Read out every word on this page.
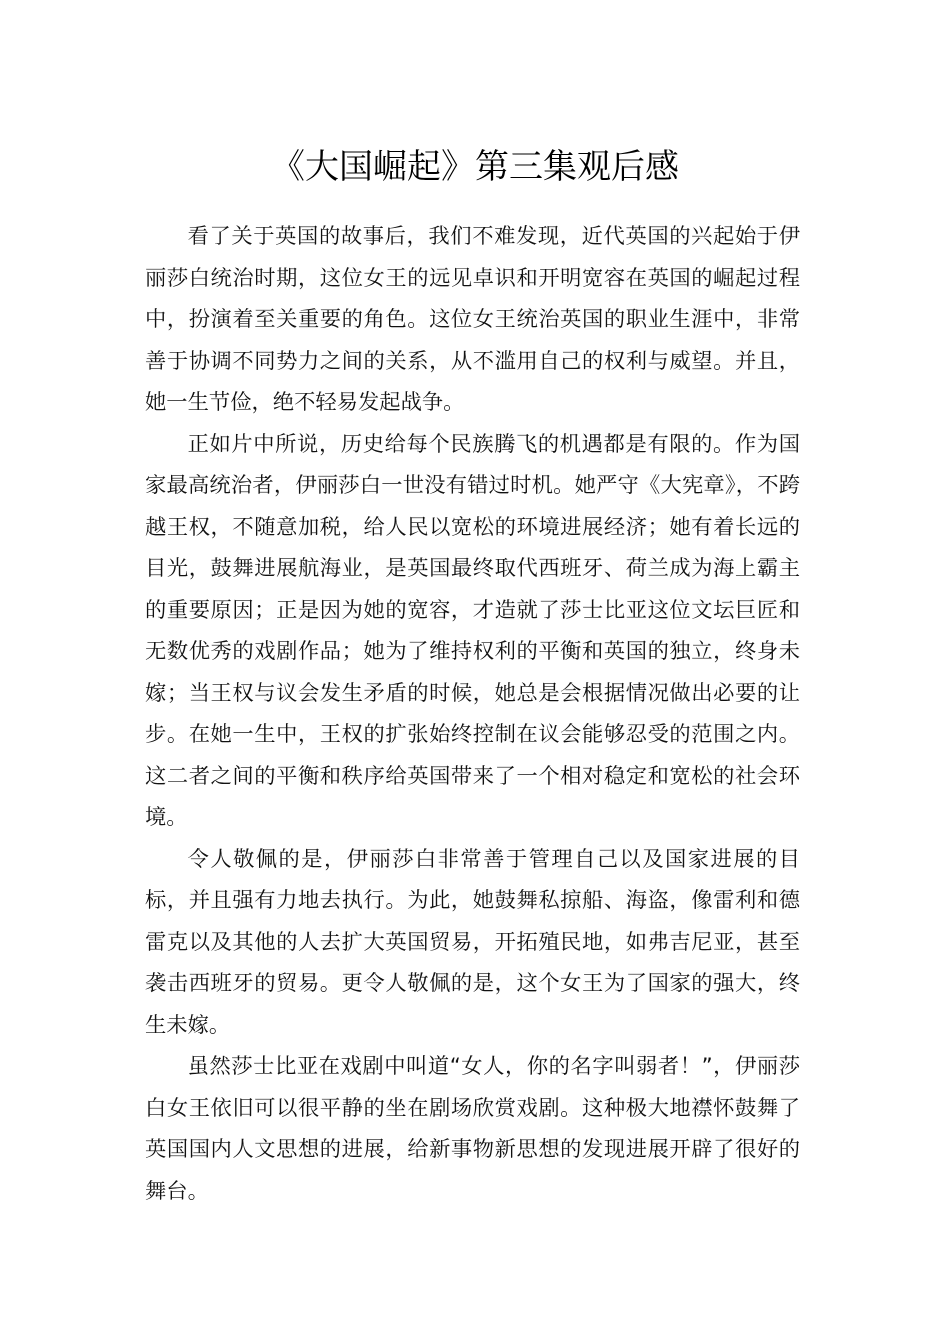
《大国崛起》第三集观后感

看了关于英国的故事后，我们不难发现，近代英国的兴起始于伊丽莎白统治时期，这位女王的远见卓识和开明宽容在英国的崛起过程中，扮演着至关重要的角色。这位女王统治英国的职业生涯中，非常善于协调不同势力之间的关系，从不滥用自己的权利与威望。并且，她一生节俭，绝不轻易发起战争。

正如片中所说，历史给每个民族腾飞的机遇都是有限的。作为国家最高统治者，伊丽莎白一世没有错过时机。她严守《大宪章》，不跨越王权，不随意加税，给人民以宽松的环境进展经济；她有着长远的目光，鼓舞进展航海业，是英国最终取代西班牙、荷兰成为海上霸主的重要原因；正是因为她的宽容，才造就了莎士比亚这位文坛巨匠和无数优秀的戏剧作品；她为了维持权利的平衡和英国的独立，终身未嫁；当王权与议会发生矛盾的时候，她总是会根据情况做出必要的让步。在她一生中，王权的扩张始终控制在议会能够忍受的范围之内。这二者之间的平衡和秩序给英国带来了一个相对稳定和宽松的社会环境。

令人敬佩的是，伊丽莎白非常善于管理自己以及国家进展的目标，并且强有力地去执行。为此，她鼓舞私掠船、海盗，像雷利和德雷克以及其他的人去扩大英国贸易，开拓殖民地，如弗吉尼亚，甚至袭击西班牙的贸易。更令人敬佩的是，这个女王为了国家的强大，终生未嫁。

虽然莎士比亚在戏剧中叫道“女人，你的名字叫弱者！”，伊丽莎白女王依旧可以很平静的坐在剧场欣赏戏剧。这种极大地襟怀鼓舞了英国国内人文思想的进展，给新事物新思想的发现进展开辟了很好的舞台。
